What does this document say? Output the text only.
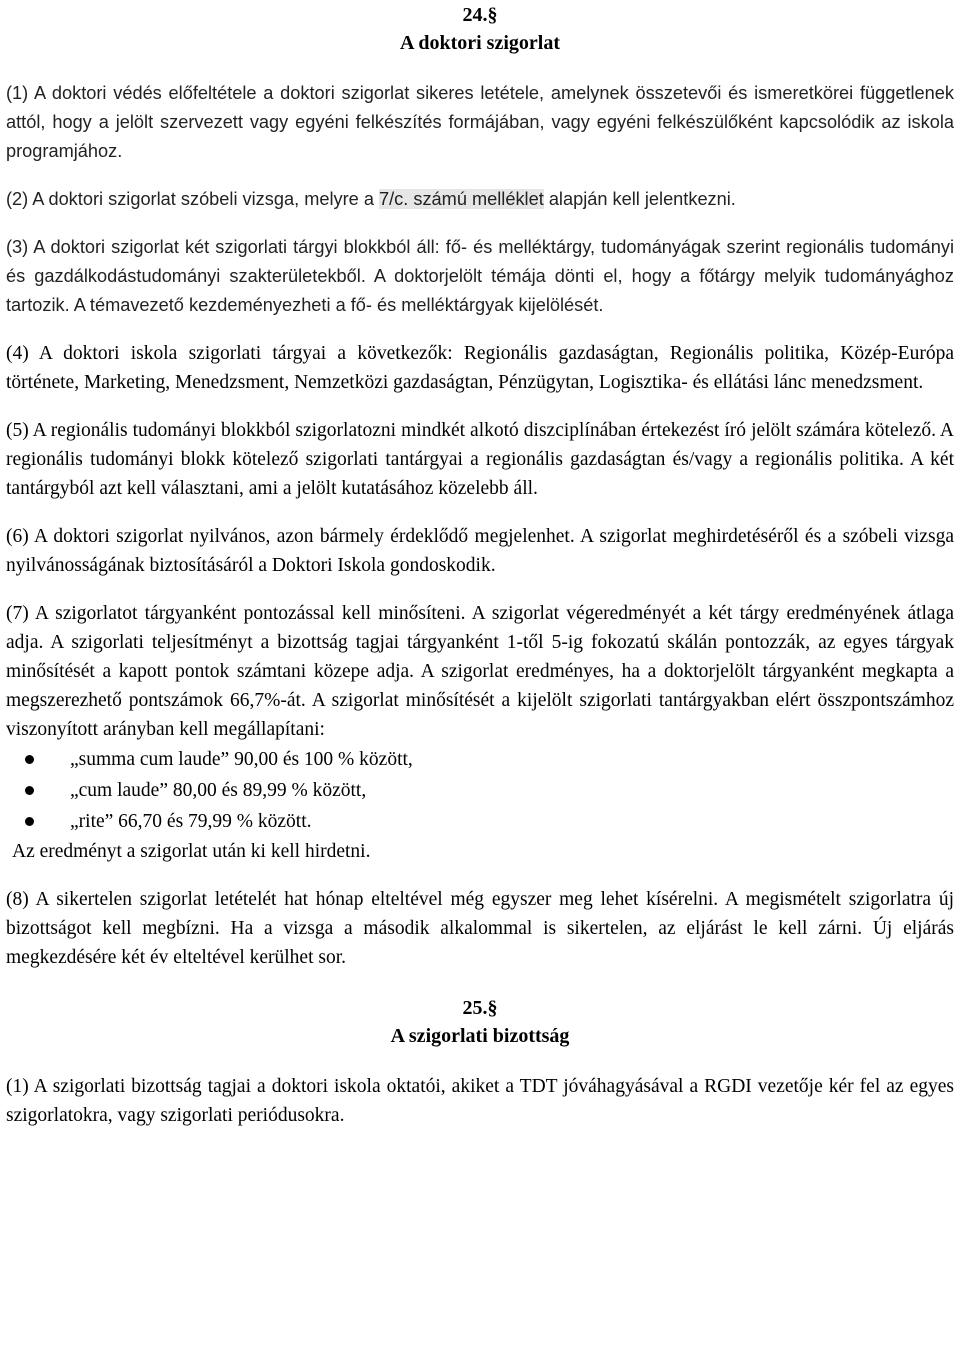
24.§
A doktori szigorlat

(1) A doktori védés előfeltétele a doktori szigorlat sikeres letétele, amelynek összetevői és ismeretkörei függetlenek attól, hogy a jelölt szervezett vagy egyéni felkészítés formájában, vagy egyéni felkészülőként kapcsolódik az iskola programjához.

(2) A doktori szigorlat szóbeli vizsga, melyre a 7/c. számú melléklet alapján kell jelentkezni.

(3) A doktori szigorlat két szigorlati tárgyi blokkból áll: fő- és melléktárgy, tudományágak szerint regionális tudományi és gazdálkodástudományi szakterületekből. A doktorjelölt témája dönti el, hogy a főtárgy melyik tudományághoz tartozik. A témavezető kezdeményezheti a fő- és melléktárgyak kijelölését.

(4) A doktori iskola szigorlati tárgyai a következők: Regionális gazdaságtan, Regionális politika, Közép-Európa története, Marketing, Menedzsment, Nemzetközi gazdaságtan, Pénzügytan, Logisztika- és ellátási lánc menedzsment.

(5) A regionális tudományi blokkból szigorlatozni mindkét alkotó diszciplínában értekezést író jelölt számára kötelező. A regionális tudományi blokk kötelező szigorlati tantárgyai a regionális gazdaságtan és/vagy a regionális politika. A két tantárgyból azt kell választani, ami a jelölt kutatásához közelebb áll.

(6) A doktori szigorlat nyilvános, azon bármely érdeklődő megjelenhet. A szigorlat meghirdetéséről és a szóbeli vizsga nyilvánosságának biztosításáról a Doktori Iskola gondoskodik.

(7) A szigorlatot tárgyanként pontozással kell minősíteni. A szigorlat végeredményét a két tárgy eredményének átlaga adja. A szigorlati teljesítményt a bizottság tagjai tárgyanként 1-től 5-ig fokozatú skálán pontozzák, az egyes tárgyak minősítését a kapott pontok számtani közepe adja. A szigorlat eredményes, ha a doktorjelölt tárgyanként megkapta a megszerezhető pontszámok 66,7%-át. A szigorlat minősítését a kijelölt szigorlati tantárgyakban elért összpontszámhoz viszonyított arányban kell megállapítani:

„summa cum laude” 90,00 és 100 % között,
„cum laude” 80,00 és 89,99 % között,
„rite” 66,70 és 79,99 % között.

Az eredményt a szigorlat után ki kell hirdetni.

(8) A sikertelen szigorlat letételét hat hónap elteltével még egyszer meg lehet kísérelni. A megismételt szigorlatra új bizottságot kell megbízni. Ha a vizsga a második alkalommal is sikertelen, az eljárást le kell zárni. Új eljárás megkezdésére két év elteltével kerülhet sor.

25.§
A szigorlati bizottság

(1) A szigorlati bizottság tagjai a doktori iskola oktatói, akiket a TDT jóváhagyásával a RGDI vezetője kér fel az egyes szigorlatokra, vagy szigorlati periódusokra.
